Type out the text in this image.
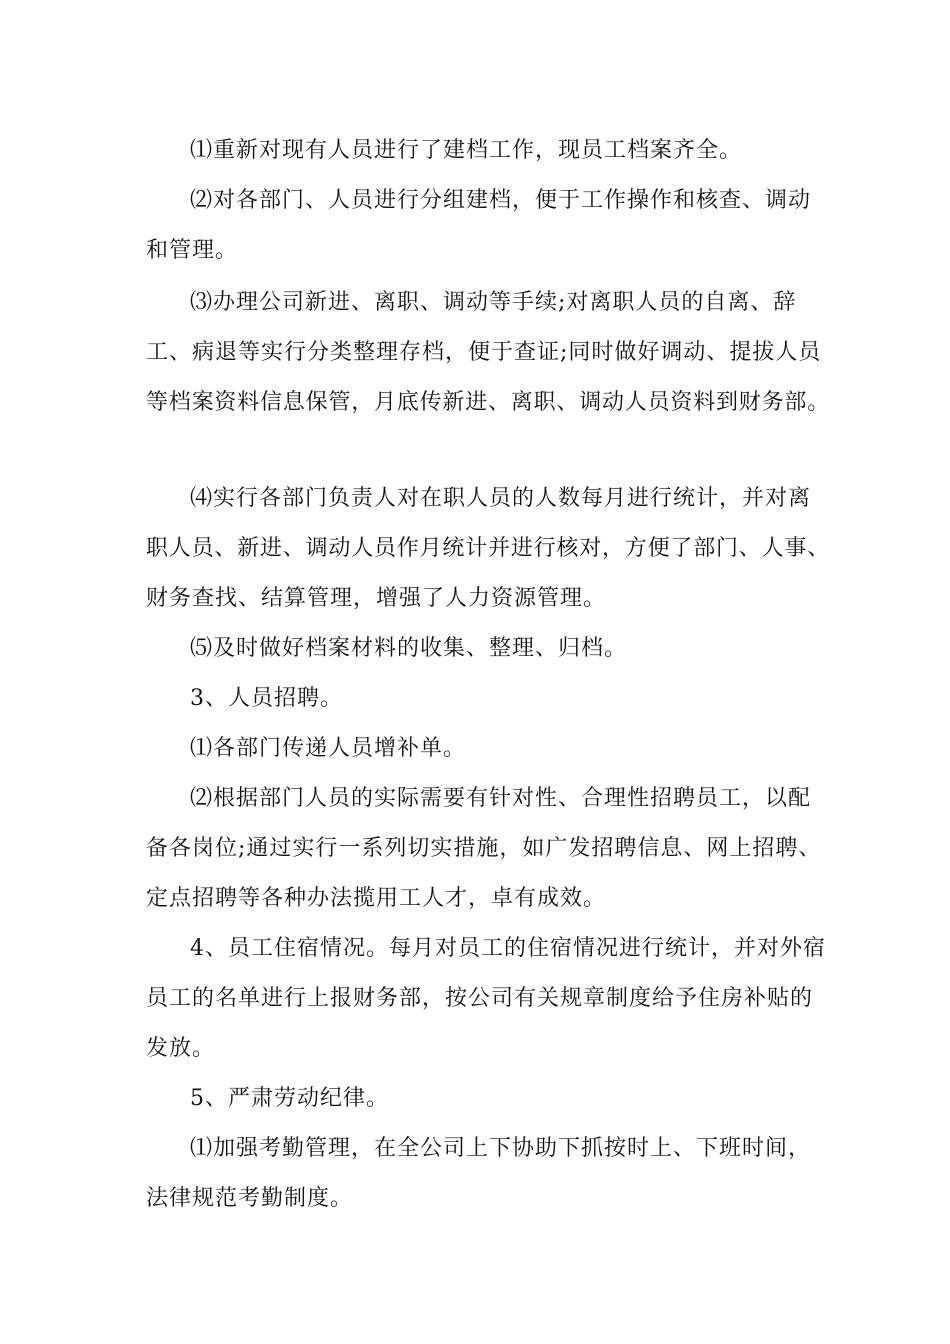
⑴重新对现有人员进行了建档工作，现员工档案齐全。
⑵对各部门、人员进行分组建档，便于工作操作和核查、调动
和管理。
⑶办理公司新进、离职、调动等手续;对离职人员的自离、辞
工、病退等实行分类整理存档，便于查证;同时做好调动、提拔人员
等档案资料信息保管，月底传新进、离职、调动人员资料到财务部。
⑷实行各部门负责人对在职人员的人数每月进行统计，并对离
职人员、新进、调动人员作月统计并进行核对，方便了部门、人事、
财务查找、结算管理，增强了人力资源管理。
⑸及时做好档案材料的收集、整理、归档。
3、人员招聘。
⑴各部门传递人员增补单。
⑵根据部门人员的实际需要有针对性、合理性招聘员工，以配
备各岗位;通过实行一系列切实措施，如广发招聘信息、网上招聘、
定点招聘等各种办法揽用工人才，卓有成效。
4、员工住宿情况。每月对员工的住宿情况进行统计，并对外宿
员工的名单进行上报财务部，按公司有关规章制度给予住房补贴的
发放。
5、严肃劳动纪律。
⑴加强考勤管理，在全公司上下协助下抓按时上、下班时间，
法律规范考勤制度。
